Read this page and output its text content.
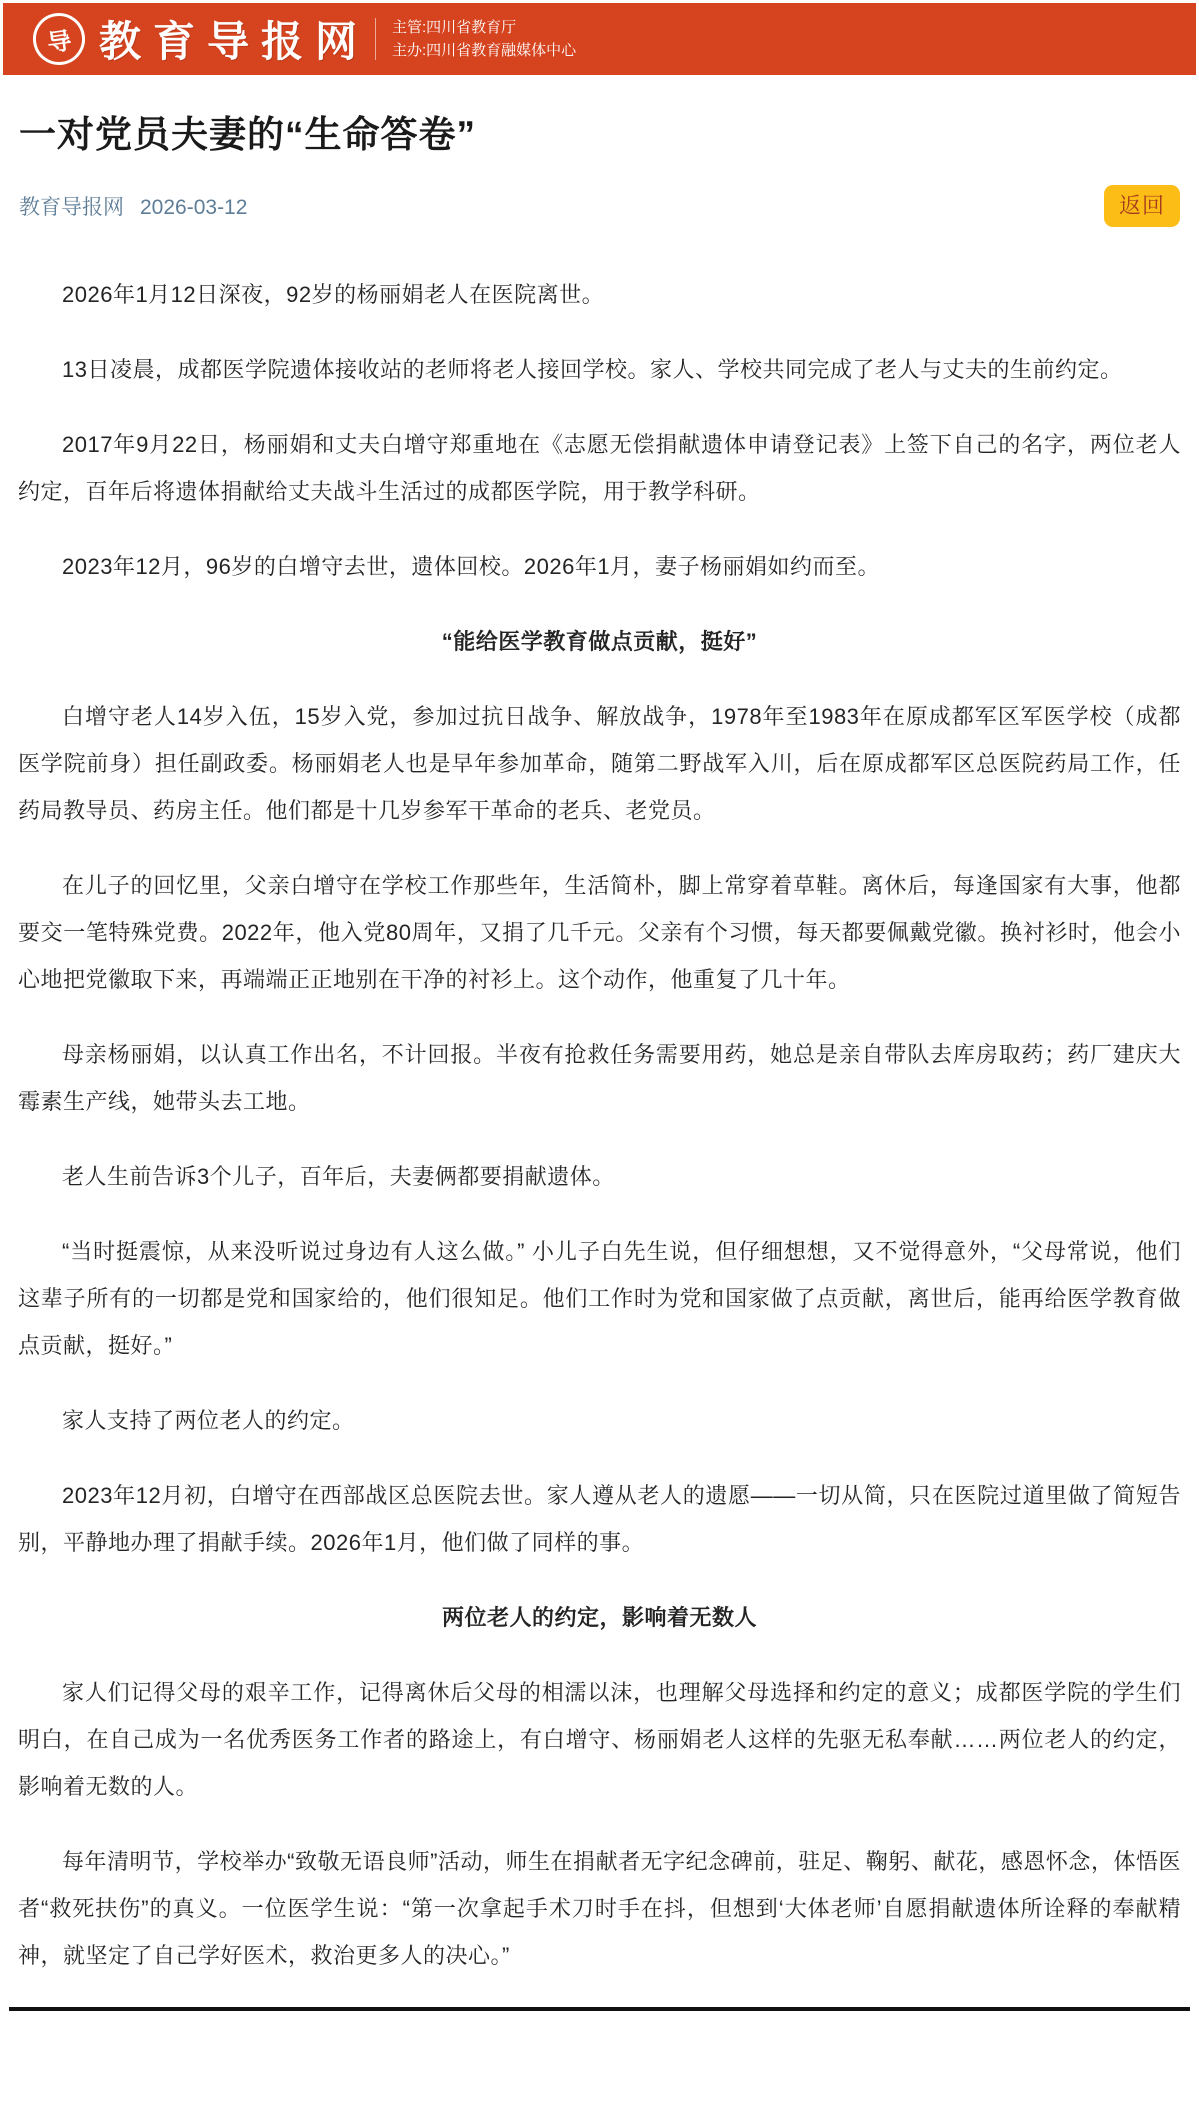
导 教育导报网 主管:四川省教育厅
主办:四川省教育融媒体中心
一对党员夫妻的“生命答卷”
教育导报网 2026-03-12	返回

2026年1月12日深夜，92岁的杨丽娟老人在医院离世。

13日凌晨，成都医学院遗体接收站的老师将老人接回学校。家人、学校共同完成了老人与丈夫的生前约定。

2017年9月22日，杨丽娟和丈夫白增守郑重地在《志愿无偿捐献遗体申请登记表》上签下自己的名字，两位老人约定，百年后将遗体捐献给丈夫战斗生活过的成都医学院，用于教学科研。

2023年12月，96岁的白增守去世，遗体回校。2026年1月，妻子杨丽娟如约而至。

“能给医学教育做点贡献，挺好”

白增守老人14岁入伍，15岁入党，参加过抗日战争、解放战争，1978年至1983年在原成都军区军医学校（成都医学院前身）担任副政委。杨丽娟老人也是早年参加革命，随第二野战军入川，后在原成都军区总医院药局工作，任药局教导员、药房主任。他们都是十几岁参军干革命的老兵、老党员。

在儿子的回忆里，父亲白增守在学校工作那些年，生活简朴，脚上常穿着草鞋。离休后，每逢国家有大事，他都要交一笔特殊党费。2022年，他入党80周年，又捐了几千元。父亲有个习惯，每天都要佩戴党徽。换衬衫时，他会小心地把党徽取下来，再端端正正地别在干净的衬衫上。这个动作，他重复了几十年。

母亲杨丽娟，以认真工作出名，不计回报。半夜有抢救任务需要用药，她总是亲自带队去库房取药；药厂建庆大霉素生产线，她带头去工地。

老人生前告诉3个儿子，百年后，夫妻俩都要捐献遗体。

“当时挺震惊，从来没听说过身边有人这么做。” 小儿子白先生说，但仔细想想，又不觉得意外，“父母常说，他们这辈子所有的一切都是党和国家给的，他们很知足。他们工作时为党和国家做了点贡献，离世后，能再给医学教育做点贡献，挺好。”

家人支持了两位老人的约定。

2023年12月初，白增守在西部战区总医院去世。家人遵从老人的遗愿——一切从简，只在医院过道里做了简短告别，平静地办理了捐献手续。2026年1月，他们做了同样的事。

两位老人的约定，影响着无数人

家人们记得父母的艰辛工作，记得离休后父母的相濡以沫，也理解父母选择和约定的意义；成都医学院的学生们明白，在自己成为一名优秀医务工作者的路途上，有白增守、杨丽娟老人这样的先驱无私奉献……两位老人的约定，影响着无数的人。

每年清明节，学校举办“致敬无语良师”活动，师生在捐献者无字纪念碑前，驻足、鞠躬、献花，感恩怀念，体悟医者“救死扶伤”的真义。一位医学生说：“第一次拿起手术刀时手在抖，但想到‘大体老师’自愿捐献遗体所诠释的奉献精神，就坚定了自己学好医术，救治更多人的决心。”
